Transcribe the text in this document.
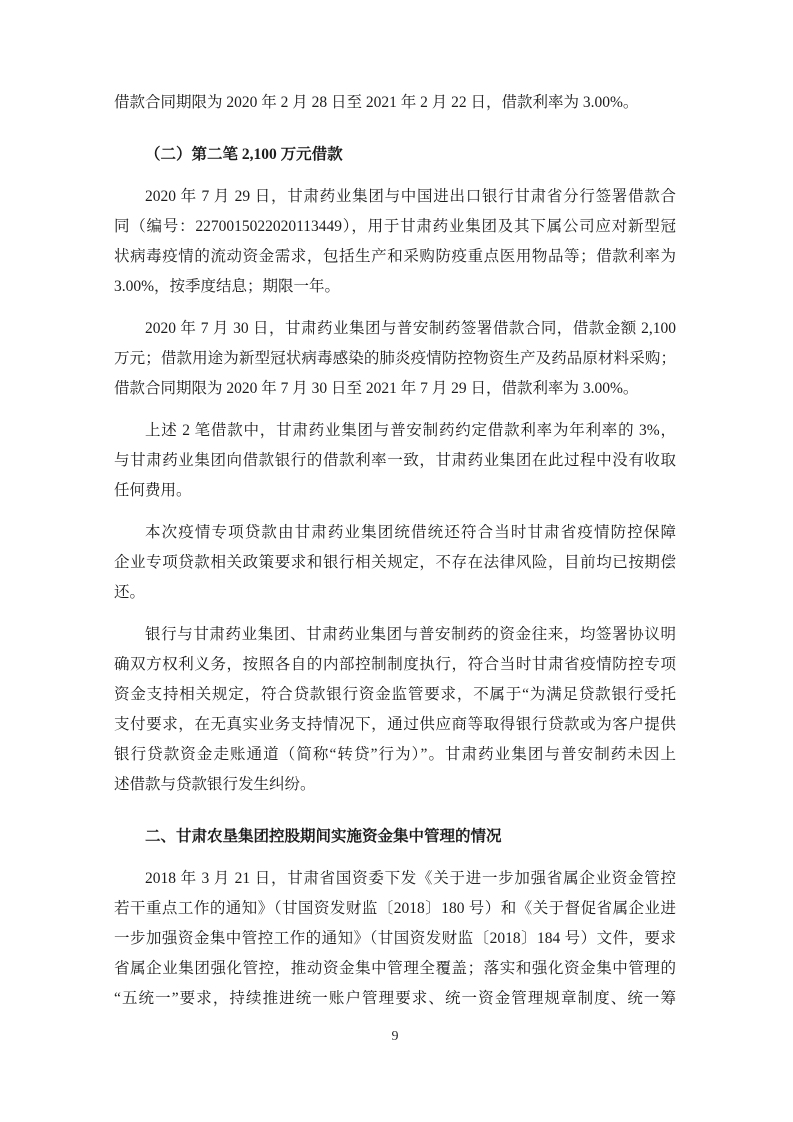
借款合同期限为 2020 年 2 月 28 日至 2021 年 2 月 22 日，借款利率为 3.00%。

（二）第二笔 2,100 万元借款

2020 年 7 月 29 日，甘肃药业集团与中国进出口银行甘肃省分行签署借款合

同（编号：2270015022020113449），用于甘肃药业集团及其下属公司应对新型冠

状病毒疫情的流动资金需求，包括生产和采购防疫重点医用物品等；借款利率为

3.00%，按季度结息；期限一年。

2020 年 7 月 30 日，甘肃药业集团与普安制药签署借款合同，借款金额 2,100

万元；借款用途为新型冠状病毒感染的肺炎疫情防控物资生产及药品原材料采购；

借款合同期限为 2020 年 7 月 30 日至 2021 年 7 月 29 日，借款利率为 3.00%。

上述 2 笔借款中，甘肃药业集团与普安制药约定借款利率为年利率的 3%，

与甘肃药业集团向借款银行的借款利率一致，甘肃药业集团在此过程中没有收取

任何费用。

本次疫情专项贷款由甘肃药业集团统借统还符合当时甘肃省疫情防控保障

企业专项贷款相关政策要求和银行相关规定，不存在法律风险，目前均已按期偿

还。

银行与甘肃药业集团、甘肃药业集团与普安制药的资金往来，均签署协议明

确双方权利义务，按照各自的内部控制制度执行，符合当时甘肃省疫情防控专项

资金支持相关规定，符合贷款银行资金监管要求，不属于“为满足贷款银行受托

支付要求，在无真实业务支持情况下，通过供应商等取得银行贷款或为客户提供

银行贷款资金走账通道（简称“转贷”行为）”。甘肃药业集团与普安制药未因上

述借款与贷款银行发生纠纷。

二、甘肃农垦集团控股期间实施资金集中管理的情况

2018 年 3 月 21 日，甘肃省国资委下发《关于进一步加强省属企业资金管控

若干重点工作的通知》（甘国资发财监〔2018〕180 号）和《关于督促省属企业进

一步加强资金集中管控工作的通知》（甘国资发财监〔2018〕184 号）文件，要求

省属企业集团强化管控，推动资金集中管理全覆盖；落实和强化资金集中管理的

“五统一”要求，持续推进统一账户管理要求、统一资金管理规章制度、统一筹

9
